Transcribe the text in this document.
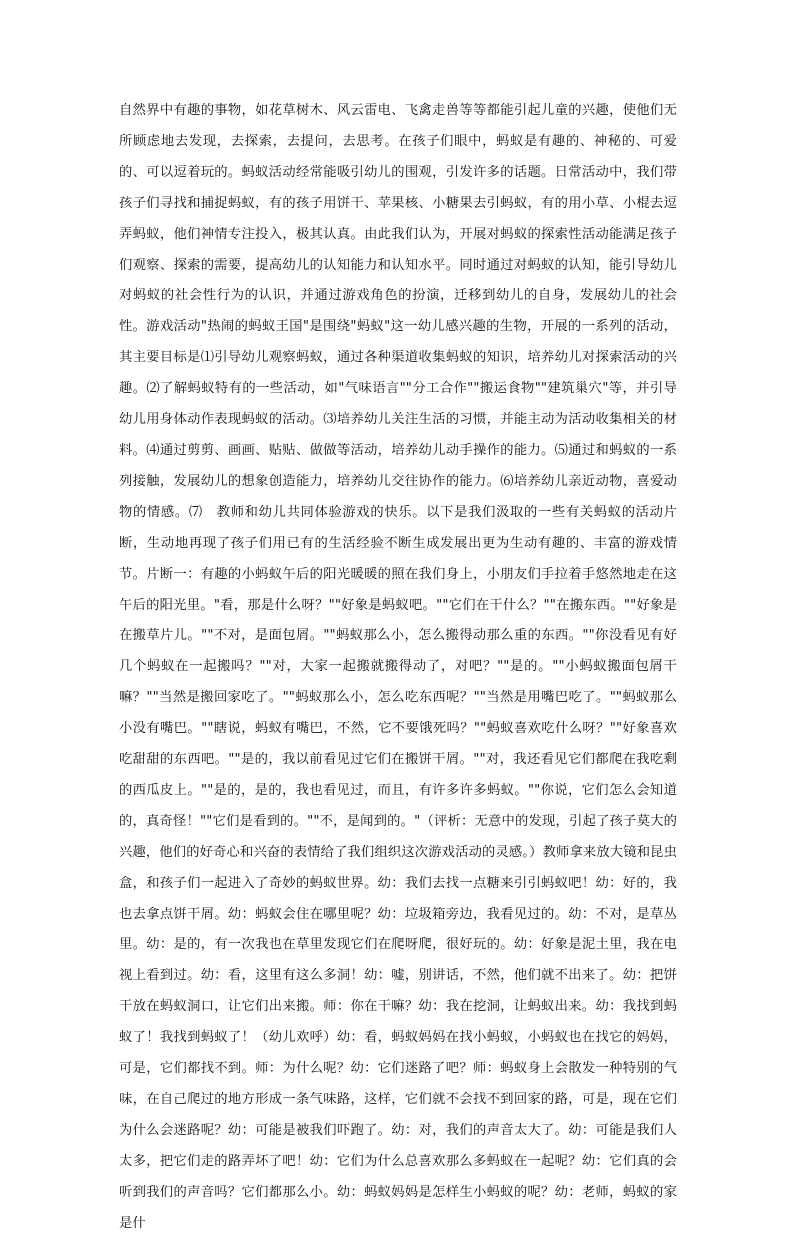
自然界中有趣的事物，如花草树木、风云雷电、飞禽走兽等等都能引起儿童的兴趣，使他们无所顾虑地去发现，去探索，去提问，去思考。在孩子们眼中，蚂蚁是有趣的、神秘的、可爱的、可以逗着玩的。蚂蚁活动经常能吸引幼儿的围观，引发许多的话题。日常活动中，我们带孩子们寻找和捕捉蚂蚁，有的孩子用饼干、苹果核、小糖果去引蚂蚁，有的用小草、小棍去逗弄蚂蚁，他们神情专注投入，极其认真。由此我们认为，开展对蚂蚁的探索性活动能满足孩子们观察、探索的需要，提高幼儿的认知能力和认知水平。同时通过对蚂蚁的认知，能引导幼儿对蚂蚁的社会性行为的认识，并通过游戏角色的扮演，迁移到幼儿的自身，发展幼儿的社会性。游戏活动"热闹的蚂蚁王国"是围绕"蚂蚁"这一幼儿感兴趣的生物，开展的一系列的活动，其主要目标是⑴引导幼儿观察蚂蚁，通过各种渠道收集蚂蚁的知识，培养幼儿对探索活动的兴趣。⑵了解蚂蚁特有的一些活动，如"气味语言""分工合作""搬运食物""建筑巢穴"等，并引导幼儿用身体动作表现蚂蚁的活动。⑶培养幼儿关注生活的习惯，并能主动为活动收集相关的材料。⑷通过剪剪、画画、贴贴、做做等活动，培养幼儿动手操作的能力。⑸通过和蚂蚁的一系列接触，发展幼儿的想象创造能力，培养幼儿交往协作的能力。⑹培养幼儿亲近动物，喜爱动物的情感。⑺　教师和幼儿共同体验游戏的快乐。以下是我们汲取的一些有关蚂蚁的活动片断，生动地再现了孩子们用已有的生活经验不断生成发展出更为生动有趣的、丰富的游戏情节。片断一：有趣的小蚂蚁午后的阳光暖暖的照在我们身上，小朋友们手拉着手悠然地走在这午后的阳光里。"看，那是什么呀？""好象是蚂蚁吧。""它们在干什么？""在搬东西。""好象是在搬草片儿。""不对，是面包屑。""蚂蚁那么小，怎么搬得动那么重的东西。""你没看见有好几个蚂蚁在一起搬吗？""对，大家一起搬就搬得动了，对吧？""是的。""小蚂蚁搬面包屑干嘛？""当然是搬回家吃了。""蚂蚁那么小，怎么吃东西呢？""当然是用嘴巴吃了。""蚂蚁那么小没有嘴巴。""瞎说，蚂蚁有嘴巴，不然，它不要饿死吗？""蚂蚁喜欢吃什么呀？""好象喜欢吃甜甜的东西吧。""是的，我以前看见过它们在搬饼干屑。""对，我还看见它们都爬在我吃剩的西瓜皮上。""是的，是的，我也看见过，而且，有许多许多蚂蚁。""你说，它们怎么会知道的，真奇怪！""它们是看到的。""不，是闻到的。"（评析：无意中的发现，引起了孩子莫大的兴趣，他们的好奇心和兴奋的表情给了我们组织这次游戏活动的灵感。）教师拿来放大镜和昆虫盒，和孩子们一起进入了奇妙的蚂蚁世界。幼：我们去找一点糖来引引蚂蚁吧！幼：好的，我也去拿点饼干屑。幼：蚂蚁会住在哪里呢？幼：垃圾箱旁边，我看见过的。幼：不对，是草丛里。幼：是的，有一次我也在草里发现它们在爬呀爬，很好玩的。幼：好象是泥土里，我在电视上看到过。幼：看，这里有这么多洞！幼：嘘，别讲话，不然，他们就不出来了。幼：把饼干放在蚂蚁洞口，让它们出来搬。师：你在干嘛？幼：我在挖洞，让蚂蚁出来。幼：我找到蚂蚁了！我找到蚂蚁了！（幼儿欢呼）幼：看，蚂蚁妈妈在找小蚂蚁，小蚂蚁也在找它的妈妈，可是，它们都找不到。师：为什么呢？幼：它们迷路了吧？师：蚂蚁身上会散发一种特别的气味，在自己爬过的地方形成一条气味路，这样，它们就不会找不到回家的路，可是，现在它们为什么会迷路呢？幼：可能是被我们吓跑了。幼：对，我们的声音太大了。幼：可能是我们人太多，把它们走的路弄坏了吧！幼：它们为什么总喜欢那么多蚂蚁在一起呢？幼：它们真的会听到我们的声音吗？它们都那么小。幼：蚂蚁妈妈是怎样生小蚂蚁的呢？幼：老师，蚂蚁的家是什
